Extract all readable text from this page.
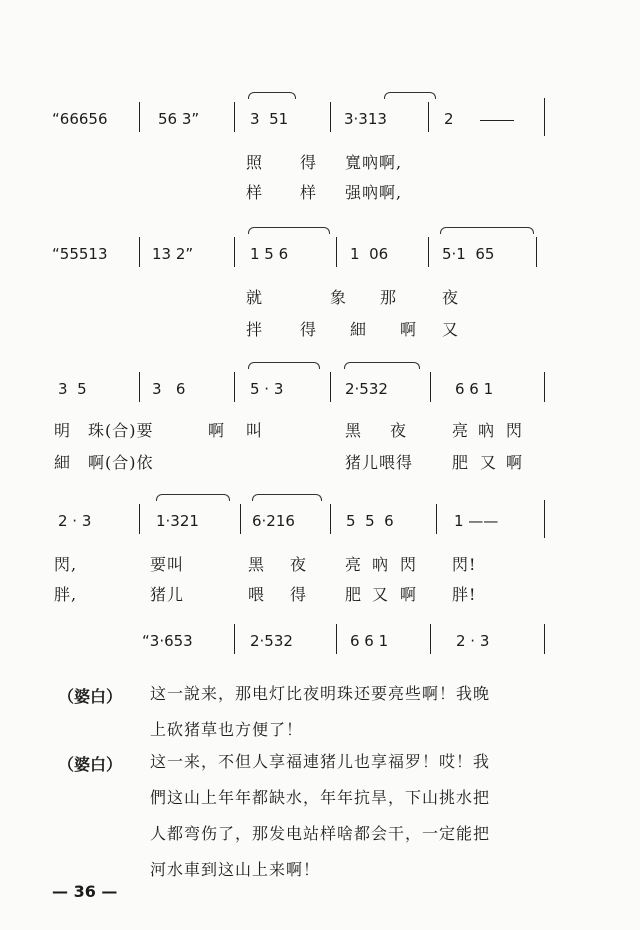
“66656	56 3”	3  51	3·313	2
照 得 寬吶啊,
样 样 强吶啊,
“55513	13 2”	1 5 6	1  06	5·1  65
就	象 那	夜
拌 得 細 啊 又
3  5	3   6	5 · 3	2·532	6 6 1
明 珠(合)要	啊 叫	黑 夜	亮 吶 閃
細 啊(合)依	猪儿喂得 肥 又 啊
2 · 3	1·321	6·216	5  5  6	1 ——
閃,	要叫	黑 夜 亮 吶 閃 閃!
胖,	猪儿	喂 得 肥 又 啊 胖!
“3·653	2·532	6 6 1	2 · 3
（婆白） 这一說来，那电灯比夜明珠还要亮些啊！我晚
上砍猪草也方便了！
（婆白） 这一来，不但人享福連猪儿也享福罗！哎！我
們这山上年年都缺水，年年抗旱，下山挑水把
人都弯伤了，那发电站样啥都会干，一定能把
河水車到这山上来啊！
— 36 —
